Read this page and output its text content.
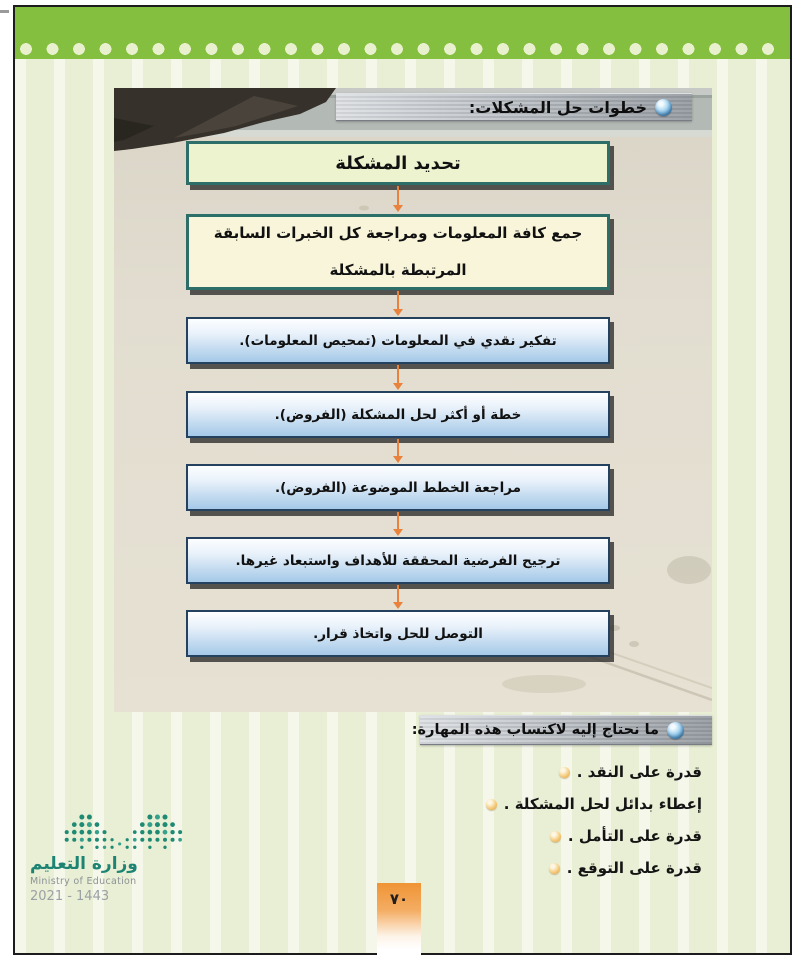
خطوات حل المشكلات:
تحديد المشكلة
جمع كافة المعلومات ومراجعة كل الخبرات السابقة المرتبطة بالمشكلة
تفكير نقدي في المعلومات (تمحيص المعلومات).
خطة أو أكثر لحل المشكلة (الفروض).
مراجعة الخطط الموضوعة (الفروض).
ترجيح الفرضية المحققة للأهداف واستبعاد غيرها.
التوصل للحل واتخاذ قرار.
ما نحتاج إليه لاكتساب هذه المهارة:
قدرة على النقد .
إعطاء بدائل لحل المشكلة .
قدرة على التأمل .
قدرة على التوقع .
وزارة التعليم
Ministry of Education
2021 - 1443	٧٠
